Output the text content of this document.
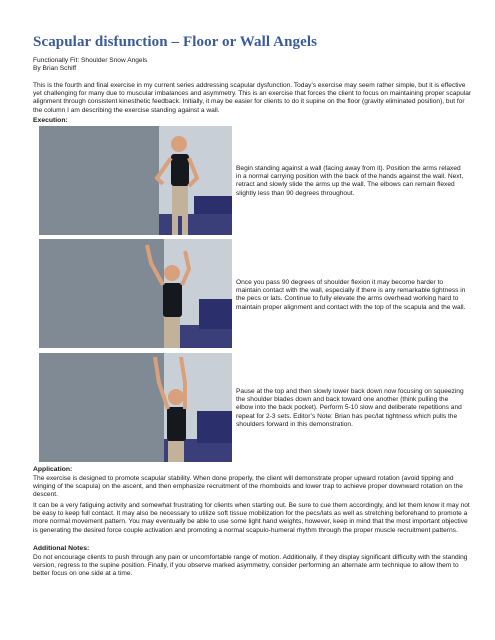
Scapular disfunction – Floor or Wall Angels
Functionally Fit: Shoulder Snow Angels
By Brian Schiff

This is the fourth and final exercise in my current series addressing scapular dysfunction. Today’s exercise may seem rather simple, but it is effective yet challenging for many due to muscular imbalances and asymmetry. This is an exercise that forces the client to focus on maintaining proper scapular alignment through consistent kinesthetic feedback. Initially, it may be easier for clients to do it supine on the floor (gravity eliminated position), but for the column I am describing the exercise standing against a wall.

Execution:

Begin standing against a wall (facing away from it). Position the arms relaxed in a normal carrying position with the back of the hands against the wall. Next, retract and slowly slide the arms up the wall. The elbows can remain flexed slightly less than 90 degrees throughout.

Once you pass 90 degrees of shoulder flexion it may become harder to maintain contact with the wall, especially if there is any remarkable tightness in the pecs or lats. Continue to fully elevate the arms overhead working hard to maintain proper alignment and contact with the top of the scapula and the wall.

Pause at the top and then slowly lower back down now focusing on squeezing the shoulder blades down and back toward one another (think pulling the elbow into the back pocket). Perform 5-10 slow and deliberate repetitions and repeat for 2-3 sets. Editor’s Note: Brian has pec/lat tightness which pulls the shoulders forward in this demonstration.

Application:

The exercise is designed to promote scapular stability. When done properly, the client will demonstrate proper upward rotation (avoid tipping and winging of the scapula) on the ascent, and then emphasize recruitment of the rhomboids and lower trap to achieve proper downward rotation on the descent.

It can be a very fatiguing activity and somewhat frustrating for clients when starting out. Be sure to cue them accordingly, and let them know it may not be easy to keep full contact. It may also be necessary to utilize soft tissue mobilization for the pecs/lats as well as stretching beforehand to promote a more normal movement pattern. You may eventually be able to use some light hand weights, however, keep in mind that the most important objective is generating the desired force couple activation and promoting a normal scapulo-humeral rhythm through the proper muscle recruitment patterns.

Additional Notes:

Do not encourage clients to push through any pain or uncomfortable range of motion. Additionally, if they display significant difficulty with the standing version, regress to the supine position. Finally, if you observe marked asymmetry, consider performing an alternate arm technique to allow them to better focus on one side at a time.
